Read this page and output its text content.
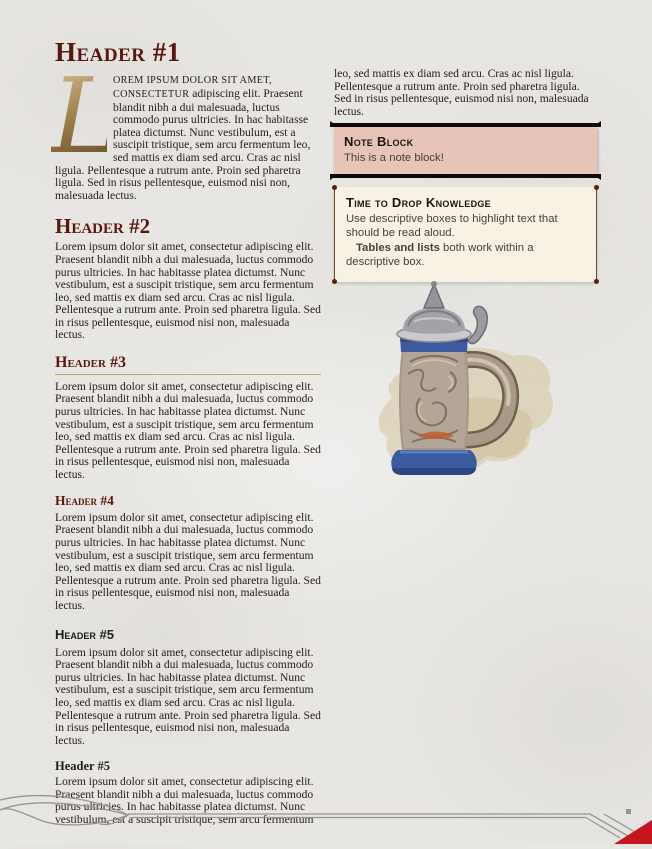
Header #1

L
OREM IPSUM DOLOR SIT AMET, CONSECTETUR adipiscing elit. Praesent blandit nibh a dui malesuada, luctus commodo purus ultricies. In hac habitasse platea dictumst. Nunc vestibulum, est a suscipit tristique, sem arcu fermentum leo, sed mattis ex diam sed arcu. Cras ac nisl ligula. Pellentesque a rutrum ante. Proin sed pharetra ligula. Sed in risus pellentesque, euismod nisi non, malesuada lectus.

Header #2

Lorem ipsum dolor sit amet, consectetur adipiscing elit. Praesent blandit nibh a dui malesuada, luctus commodo purus ultricies. In hac habitasse platea dictumst. Nunc vestibulum, est a suscipit tristique, sem arcu fermentum leo, sed mattis ex diam sed arcu. Cras ac nisl ligula. Pellentesque a rutrum ante. Proin sed pharetra ligula. Sed in risus pellentesque, euismod nisi non, malesuada lectus.

Header #3

Lorem ipsum dolor sit amet, consectetur adipiscing elit. Praesent blandit nibh a dui malesuada, luctus commodo purus ultricies. In hac habitasse platea dictumst. Nunc vestibulum, est a suscipit tristique, sem arcu fermentum leo, sed mattis ex diam sed arcu. Cras ac nisl ligula. Pellentesque a rutrum ante. Proin sed pharetra ligula. Sed in risus pellentesque, euismod nisi non, malesuada lectus.

Header #4

Lorem ipsum dolor sit amet, consectetur adipiscing elit. Praesent blandit nibh a dui malesuada, luctus commodo purus ultricies. In hac habitasse platea dictumst. Nunc vestibulum, est a suscipit tristique, sem arcu fermentum leo, sed mattis ex diam sed arcu. Cras ac nisl ligula. Pellentesque a rutrum ante. Proin sed pharetra ligula. Sed in risus pellentesque, euismod nisi non, malesuada lectus.

Header #5

Lorem ipsum dolor sit amet, consectetur adipiscing elit. Praesent blandit nibh a dui malesuada, luctus commodo purus ultricies. In hac habitasse platea dictumst. Nunc vestibulum, est a suscipit tristique, sem arcu fermentum leo, sed mattis ex diam sed arcu. Cras ac nisl ligula. Pellentesque a rutrum ante. Proin sed pharetra ligula. Sed in risus pellentesque, euismod nisi non, malesuada lectus.

Header #5

Lorem ipsum dolor sit amet, consectetur adipiscing elit. Praesent blandit nibh a dui malesuada, luctus commodo purus ultricies. In hac habitasse platea dictumst. Nunc vestibulum, est a suscipit tristique, sem arcu fermentum

leo, sed mattis ex diam sed arcu. Cras ac nisl ligula. Pellentesque a rutrum ante. Proin sed pharetra ligula. Sed in risus pellentesque, euismod nisi non, malesuada lectus.

Note Block
This is a note block!
Time to Drop Knowledge
Use descriptive boxes to highlight text that should be read aloud.
Tables and lists both work within a descriptive box.
